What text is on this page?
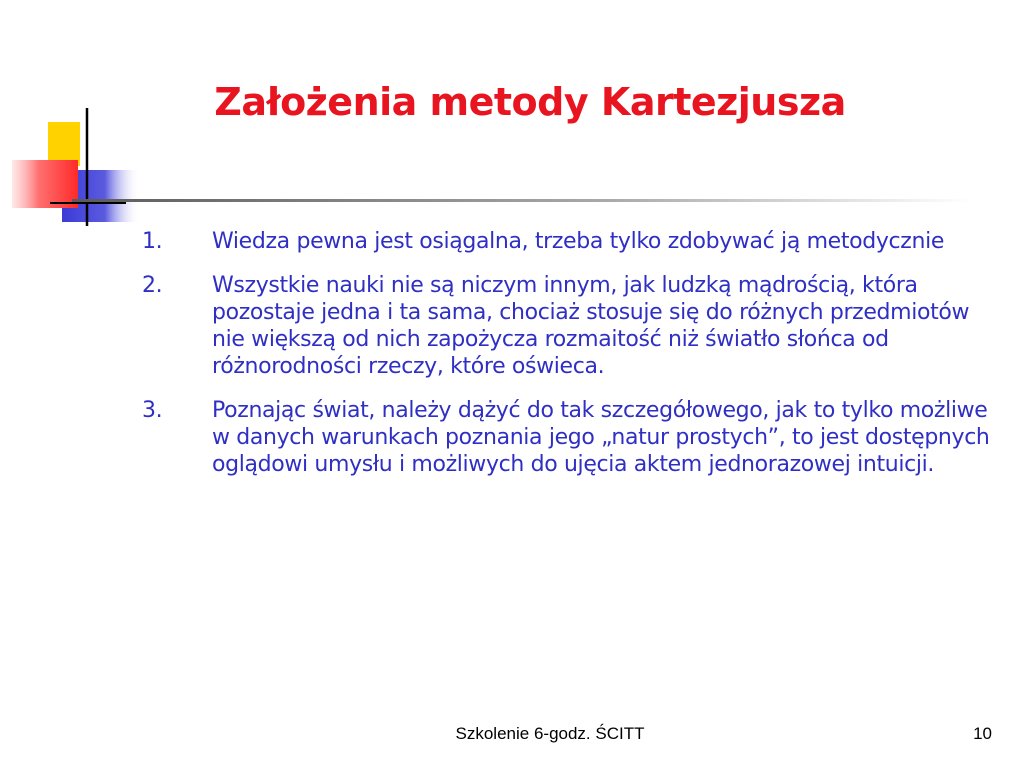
Założenia metody Kartezjusza
1. Wiedza pewna jest osiągalna, trzeba tylko zdobywać ją metodycznie
2. Wszystkie nauki nie są niczym innym, jak ludzką mądrością, która pozostaje jedna i ta sama, chociaż stosuje się do różnych przedmiotów nie większą od nich zapożycza rozmaitość niż światło słońca od różnorodności rzeczy, które oświeca.
3. Poznając świat, należy dążyć do tak szczegółowego, jak to tylko możliwe w danych warunkach poznania jego „natur prostych”, to jest dostępnych oglądowi umysłu i możliwych do ujęcia aktem jednorazowej intuicji.
Szkolenie 6-godz. ŚCITT	10
